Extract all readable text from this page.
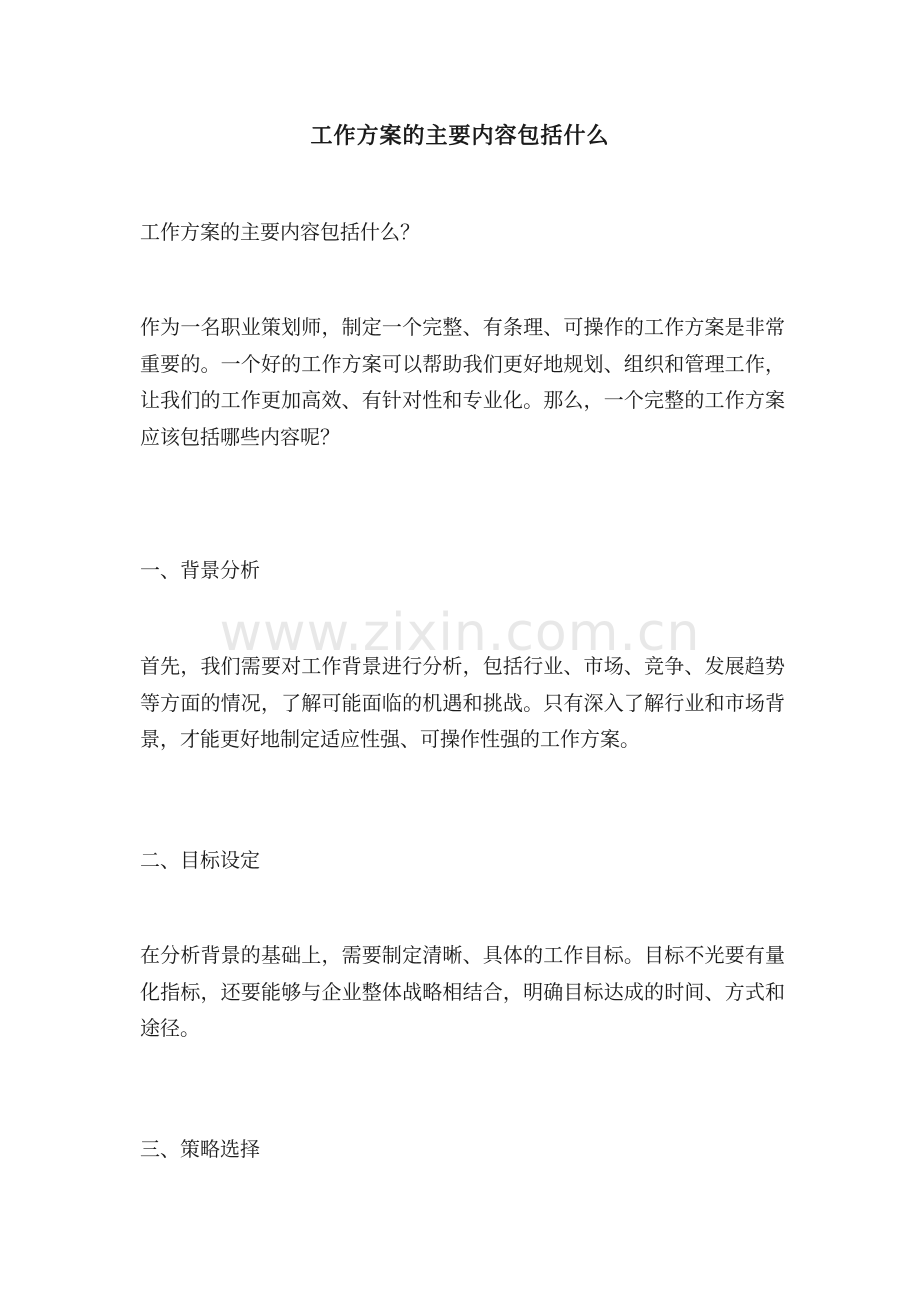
工作方案的主要内容包括什么

工作方案的主要内容包括什么？

作为一名职业策划师，制定一个完整、有条理、可操作的工作方案是非常重要的。一个好的工作方案可以帮助我们更好地规划、组织和管理工作，让我们的工作更加高效、有针对性和专业化。那么，一个完整的工作方案应该包括哪些内容呢？

一、背景分析

首先，我们需要对工作背景进行分析，包括行业、市场、竞争、发展趋势等方面的情况，了解可能面临的机遇和挑战。只有深入了解行业和市场背景，才能更好地制定适应性强、可操作性强的工作方案。

二、目标设定

在分析背景的基础上，需要制定清晰、具体的工作目标。目标不光要有量化指标，还要能够与企业整体战略相结合，明确目标达成的时间、方式和途径。

三、策略选择

www.zixin.com.cn
